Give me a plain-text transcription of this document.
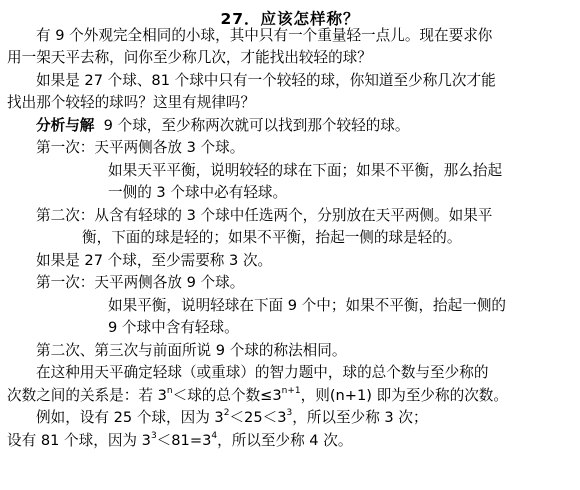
27．应该怎样称？
有 9 个外观完全相同的小球，其中只有一个重量轻一点儿。现在要求你
用一架天平去称，问你至少称几次，才能找出较轻的球？
如果是 27 个球、81 个球中只有一个较轻的球，你知道至少称几次才能
找出那个较轻的球吗？这里有规律吗？
分析与解 9 个球，至少称两次就可以找到那个较轻的球。
第一次：天平两侧各放 3 个球。
如果天平平衡，说明较轻的球在下面；如果不平衡，那么抬起
一侧的 3 个球中必有轻球。
第二次：从含有轻球的 3 个球中任选两个，分别放在天平两侧。如果平
衡，下面的球是轻的；如果不平衡，抬起一侧的球是轻的。
如果是 27 个球，至少需要称 3 次。
第一次：天平两侧各放 9 个球。
如果平衡，说明轻球在下面 9 个中；如果不平衡，抬起一侧的
9 个球中含有轻球。
第二次、第三次与前面所说 9 个球的称法相同。
在这种用天平确定轻球（或重球）的智力题中，球的总个数与至少称的
次数之间的关系是：若 $3^n<$球的总个数$\le 3^{n+1}$，则(n+1) 即为至少称的次数。
例如，设有 25 个球，因为 $3^2<25<3^3$，所以至少称 3 次；
设有 81 个球，因为 $3^3<81=3^4$，所以至少称 4 次。
